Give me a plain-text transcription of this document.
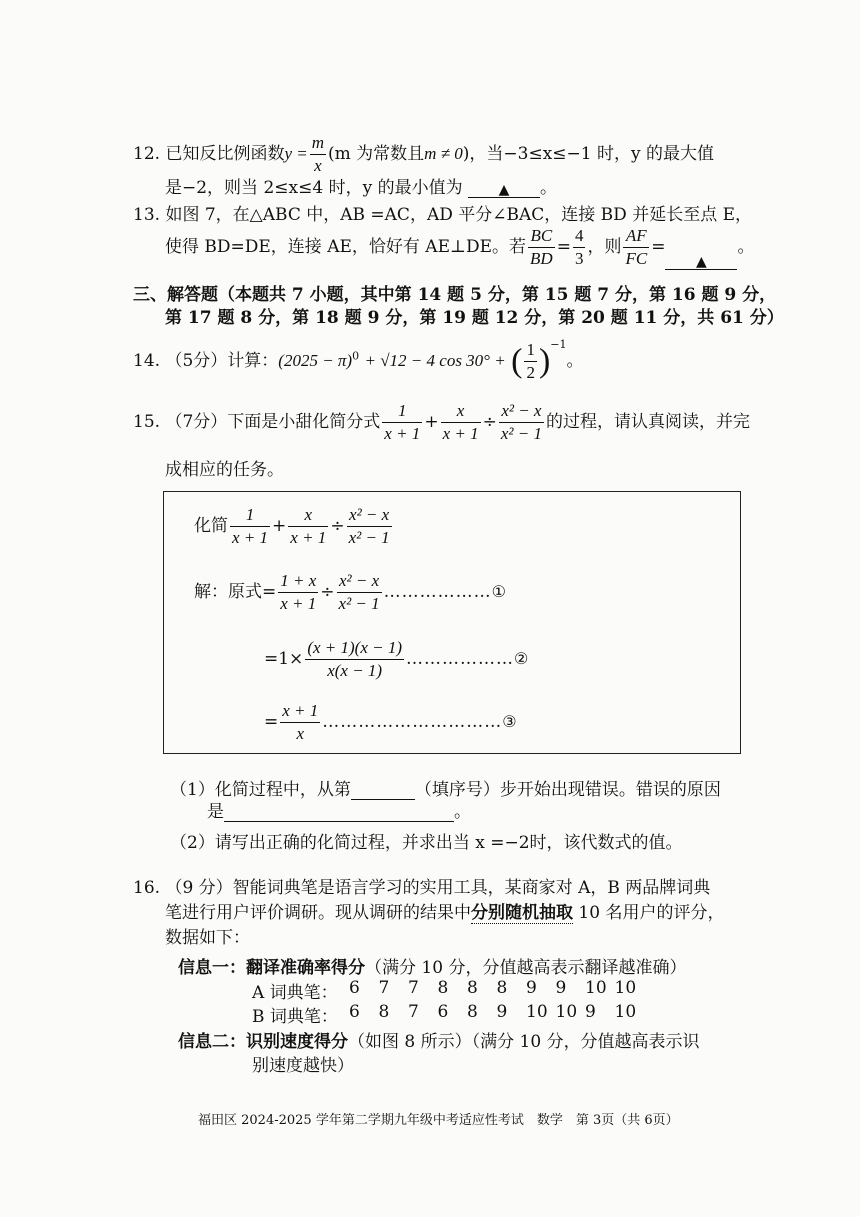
12. 已知反比例函数$y = \frac{m}{x} (m$ 为常数且m ≠ 0)，当−3≤x≤−1 时，y 的最大值
是−2，则当 2≤x≤4 时，y 的最小值为	▲ 。
13. 如图 7，在△ABC 中，AB =AC，AD 平分∠BAC，连接 BD 并延长至点 E，
使得 BD=DE，连接 AE，恰好有 AE⊥DE。若 $\frac{BC}{BD} = \frac{4}{3}$ ，则 $\frac{AF}{FC}$ =▲。
三、解答题（本题共 7 小题，其中第 14 题 5 分，第 15 题 7 分，第 16 题 9 分，
第 17 题 8 分，第 18 题 9 分，第 19 题 12 分，第 20 题 11 分，共 61 分）
14. （5分）计算：$(2025 - \pi)^0 + √12 - 4$ cos 30° + ( $\frac{1}{2} )^{-1}$。
15. （7分）下面是小甜化简分式 $\frac{1}{x + 1} + \frac{x}{x + 1} \div \frac{\text{x² − x}}{\text{x² − 1}}$ 的过程，请认真阅读，并完
成相应的任务。
化简 $\frac{1}{x + 1} + \frac{x}{x + 1} \div \frac{\text{x² − x}}{\text{x² − 1}}$
解：原式= $\frac{1 + x}{x + 1} \div \frac{\text{x² − x}}{\text{x² − 1}}$ ………………①
$=1\times \frac{(x + 1)(x - 1)}{x(x - 1)}$ ………………②
= $\frac{x + 1}{x}$ …………………………③
（1）化简过程中，从第	（填序号）步开始出现错误。错误的原因
是	。
（2）请写出正确的化简过程，并求出当 x =−2时，该代数式的值。
16. （9 分）智能词典笔是语言学习的实用工具，某商家对 A，B 两品牌词典
笔进行用户评价调研。现从调研的结果中分别随机抽取 10 名用户的评分，
数据如下：
信息一：翻译准确率得分（满分 10 分，分值越高表示翻译越准确）
A 词典笔： 6 7 7 8 8 8 9 9 10 10
B 词典笔： 6 8 7 6 8 9 10 10 9 10
信息二：识别速度得分（如图 8 所示）（满分 10 分，分值越高表示识
别速度越快）
福田区 2024-2025 学年第二学期九年级中考适应性考试　数学　第 3页（共 6页）
